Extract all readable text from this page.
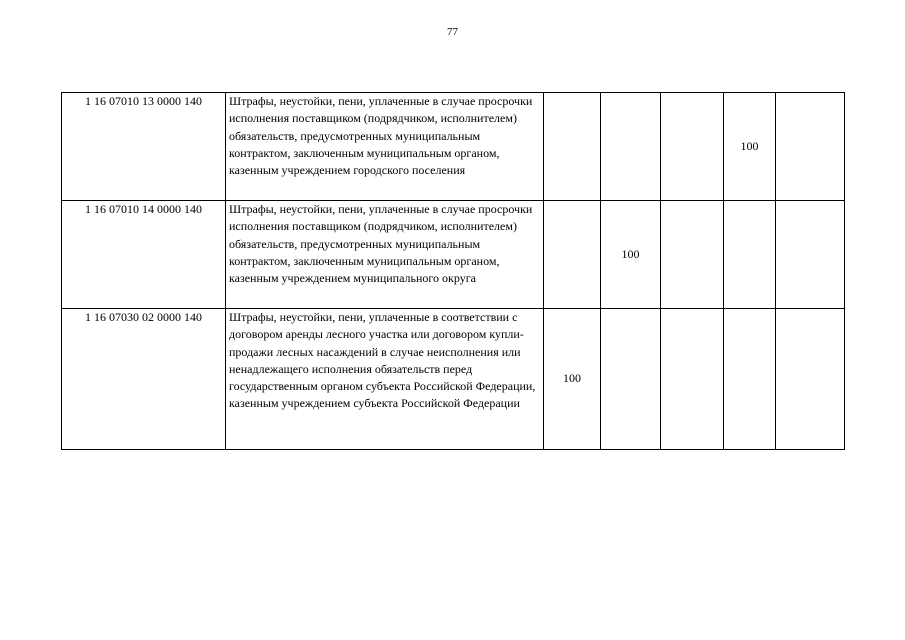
77
1 16 07010 13 0000 140	Штрафы, неустойки, пени, уплаченные в случае просрочки исполнения поставщиком (подрядчиком, исполнителем) обязательств, предусмотренных муниципальным контрактом, заключенным муниципальным органом, казенным учреждением городского поселения				100	
1 16 07010 14 0000 140	Штрафы, неустойки, пени, уплаченные в случае просрочки исполнения поставщиком (подрядчиком, исполнителем) обязательств, предусмотренных муниципальным контрактом, заключенным муниципальным органом, казенным учреждением муниципального округа		100			
1 16 07030 02 0000 140	Штрафы, неустойки, пени, уплаченные в соответствии с договором аренды лесного участка или договором купли-продажи лесных насаждений в случае неисполнения или ненадлежащего исполнения обязательств перед государственным органом субъекта Российской Федерации, казенным учреждением субъекта Российской Федерации	100				
